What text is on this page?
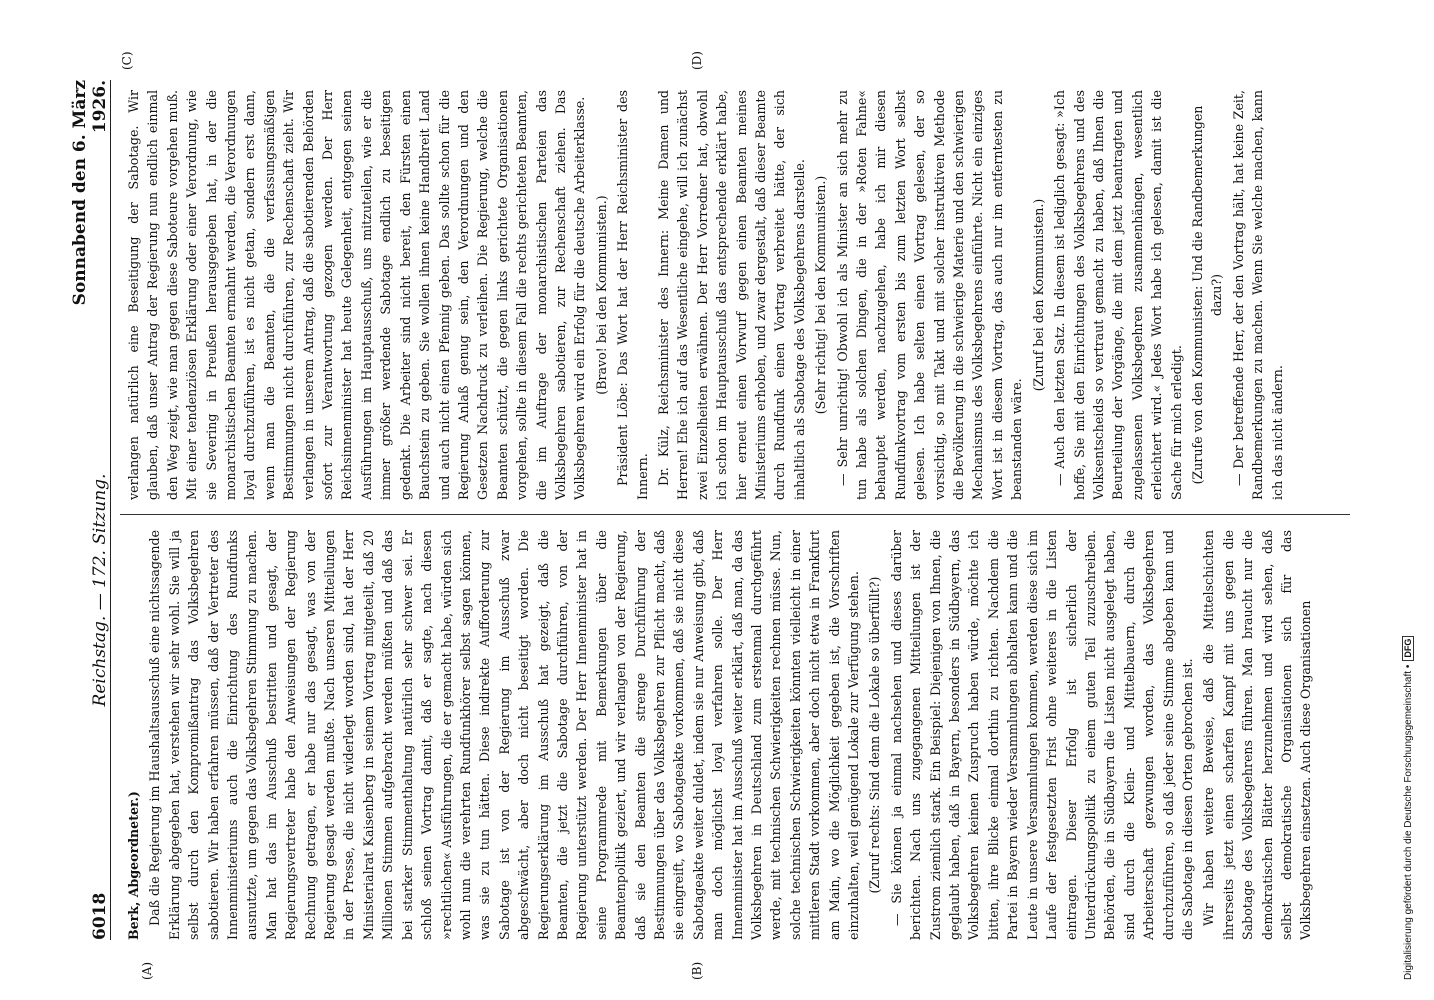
6018
Reichstag. — 172. Sitzung.
Sonnabend den 6. März 1926.

Berk, Abgeordneter.) Daß die Regierung im Haushaltsausschuß eine nichtssagende Erklärung abgegeben hat, verstehen wir sehr wohl. Sie will ja selbst durch den Kompromißantrag das Volksbegehren sabotieren. Wir haben erfahren müssen, daß der Vertreter des Innenministeriums auch die Einrichtung des Rundfunks ausnutzte, um gegen das Volksbegehren Stimmung zu machen. Man hat das im Ausschuß bestritten und gesagt, der Regierungsvertreter habe den Anweisungen der Regierung Rechnung getragen, er habe nur das gesagt, was von der Regierung gesagt werden mußte. Nach unseren Mitteilungen in der Presse, die nicht widerlegt worden sind, hat der Herr Ministerialrat Kaisenberg in seinem Vortrag mitgeteilt, daß 20 Millionen Stimmen aufgebracht werden müßten und daß das bei starker Stimmenthaltung natürlich sehr schwer sei. Er schloß seinen Vortrag damit, daß er sagte, nach diesen »rechtlichen« Ausführungen, die er gemacht habe, würden sich wohl nun die verehrten Rundfunkhörer selbst sagen können, was sie zu tun hätten. Diese indirekte Aufforderung zur Sabotage ist von der Regierung im Ausschuß zwar abgeschwächt, aber doch nicht beseitigt worden. Die Regierungserklärung im Ausschuß hat gezeigt, daß die Beamten, die jetzt die Sabotage durchführen, von der Regierung unterstützt werden. Der Herr Innenminister hat in seine Programmrede mit Bemerkungen über die Beamtenpolitik geziert, und wir verlangen von der Regierung, daß sie den Beamten die strenge Durchführung der Bestimmungen über das Volksbegehren zur Pflicht macht, daß sie eingreift, wo Sabotageakte vorkommen, daß sie nicht diese Sabotageakte weiter duldet, indem sie nur Anweisung gibt, daß man doch möglichst loyal verfahren solle. Der Herr Innenminister hat im Ausschuß weiter erklärt, daß man, da das Volksbegehren in Deutschland zum erstenmal durchgeführt werde, mit technischen Schwierigkeiten rechnen müsse. Nun, solche technischen Schwierigkeiten könnten vielleicht in einer mittleren Stadt vorkommen, aber doch nicht etwa in Frankfurt am Main, wo die Möglichkeit gegeben ist, die Vorschriften einzuhalten, weil genügend Lokale zur Verfügung stehen. (Zuruf rechts: Sind denn die Lokale so überfüllt?) — Sie können ja einmal nachsehen und dieses darüber berichten. Nach uns zugegangenen Mitteilungen ist der Zustrom ziemlich stark. Ein Beispiel: Diejenigen von Ihnen, die geglaubt haben, daß in Bayern, besonders in Südbayern, das Volksbegehren keinen Zuspruch haben würde, möchte ich bitten, ihre Blicke einmal dorthin zu richten. Nachdem die Partei in Bayern wieder Versammlungen abhalten kann und die Leute in unsere Versammlungen kommen, werden diese sich im Laufe der festgesetzten Frist ohne weiteres in die Listen eintragen. Dieser Erfolg ist sicherlich der Unterdrückungspolitik zu einem guten Teil zuzuschreiben. Behörden, die in Südbayern die Listen nicht ausgelegt haben, sind durch die Klein- und Mittelbauern, durch die Arbeiterschaft gezwungen worden, das Volksbegehren durchzuführen, so daß jeder seine Stimme abgeben kann und die Sabotage in diesen Orten gebrochen ist. Wir haben weitere Beweise, daß die Mittelschichten ihrerseits jetzt einen scharfen Kampf mit uns gegen die Sabotage des Volksbegehrens führen. Man braucht nur die demokratischen Blätter herzunehmen und wird sehen, daß selbst demokratische Organisationen sich für das Volksbegehren einsetzen. Auch diese Organisationen

verlangen natürlich eine Beseitigung der Sabotage. Wir glauben, daß unser Antrag der Regierung nun endlich einmal den Weg zeigt, wie man gegen diese Saboteure vorgehen muß. Mit einer tendenziösen Erklärung oder einer Verordnung, wie sie Severing in Preußen herausgegeben hat, in der die monarchistischen Beamten ermahnt werden, die Verordnungen loyal durchzuführen, ist es nicht getan, sondern erst dann, wenn man die Beamten, die die verfassungsmäßigen Bestimmungen nicht durchführen, zur Rechenschaft zieht. Wir verlangen in unserem Antrag, daß die sabotierenden Behörden sofort zur Verantwortung gezogen werden. Der Herr Reichsinnenminister hat heute Gelegenheit, entgegen seinen Ausführungen im Hauptausschuß, uns mitzuteilen, wie er die immer größer werdende Sabotage endlich zu beseitigen gedenkt. Die Arbeiter sind nicht bereit, den Fürsten einen Bauchstein zu geben. Sie wollen ihnen keine Handbreit Land und auch nicht einen Pfennig geben. Das sollte schon für die Regierung Anlaß genug sein, den Verordnungen und den Gesetzen Nachdruck zu verleihen. Die Regierung, welche die Beamten schützt, die gegen links gerichtete Organisationen vorgehen, sollte in diesem Fall die rechts gerichteten Beamten, die im Auftrage der monarchistischen Parteien das Volksbegehren sabotieren, zur Rechenschaft ziehen. Das Volksbegehren wird ein Erfolg für die deutsche Arbeiterklasse. (Bravo! bei den Kommunisten.) Präsident Löbe: Das Wort hat der Herr Reichsminister des Innern. Dr. Külz, Reichsminister des Innern: Meine Damen und Herren! Ehe ich auf das Wesentliche eingehe, will ich zunächst zwei Einzelheiten erwähnen. Der Herr Vorredner hat, obwohl ich schon im Hauptausschuß das entsprechende erklärt habe, hier erneut einen Vorwurf gegen einen Beamten meines Ministeriums erhoben, und zwar dergestalt, daß dieser Beamte durch Rundfunk einen Vortrag verbreitet hätte, der sich inhaltlich als Sabotage des Volksbegehrens darstelle. (Sehr richtig! bei den Kommunisten.) — Sehr unrichtig! Obwohl ich als Minister an sich mehr zu tun habe als solchen Dingen, die in der »Roten Fahne« behauptet werden, nachzugehen, habe ich mir diesen Rundfunkvortrag vom ersten bis zum letzten Wort selbst gelesen. Ich habe selten einen Vortrag gelesen, der so vorsichtig, so mit Takt und mit solcher instruktiven Methode die Bevölkerung in die schwierige Materie und den schwierigen Mechanismus des Volksbegehrens einführte. Nicht ein einziges Wort ist in diesem Vortrag, das auch nur im entferntesten zu beanstanden wäre.

(Zuruf bei den Kommunisten.) — Auch den letzten Satz. In diesem ist lediglich gesagt: »Ich hoffe, Sie mit den Einrichtungen des Volksbegehrens und des Volksentscheids so vertraut gemacht zu haben, daß Ihnen die Beurteilung der Vorgänge, die mit dem jetzt beantragten und zugelassenen Volksbegehren zusammenhängen, wesentlich erleichtert wird.« Jedes Wort habe ich gelesen, damit ist die Sache für mich erledigt. (Zurufe von den Kommunisten: Und die Randbemerkungen dazu?) — Der betreffende Herr, der den Vortrag hält, hat keine Zeit, Randbemerkungen zu machen. Wenn Sie welche machen, kann ich das nicht ändern.

(A)	(B)
(C)	(D)
Digitalisierung gefördert durch die Deutsche Forschungsgemeinschaft •
DFG
